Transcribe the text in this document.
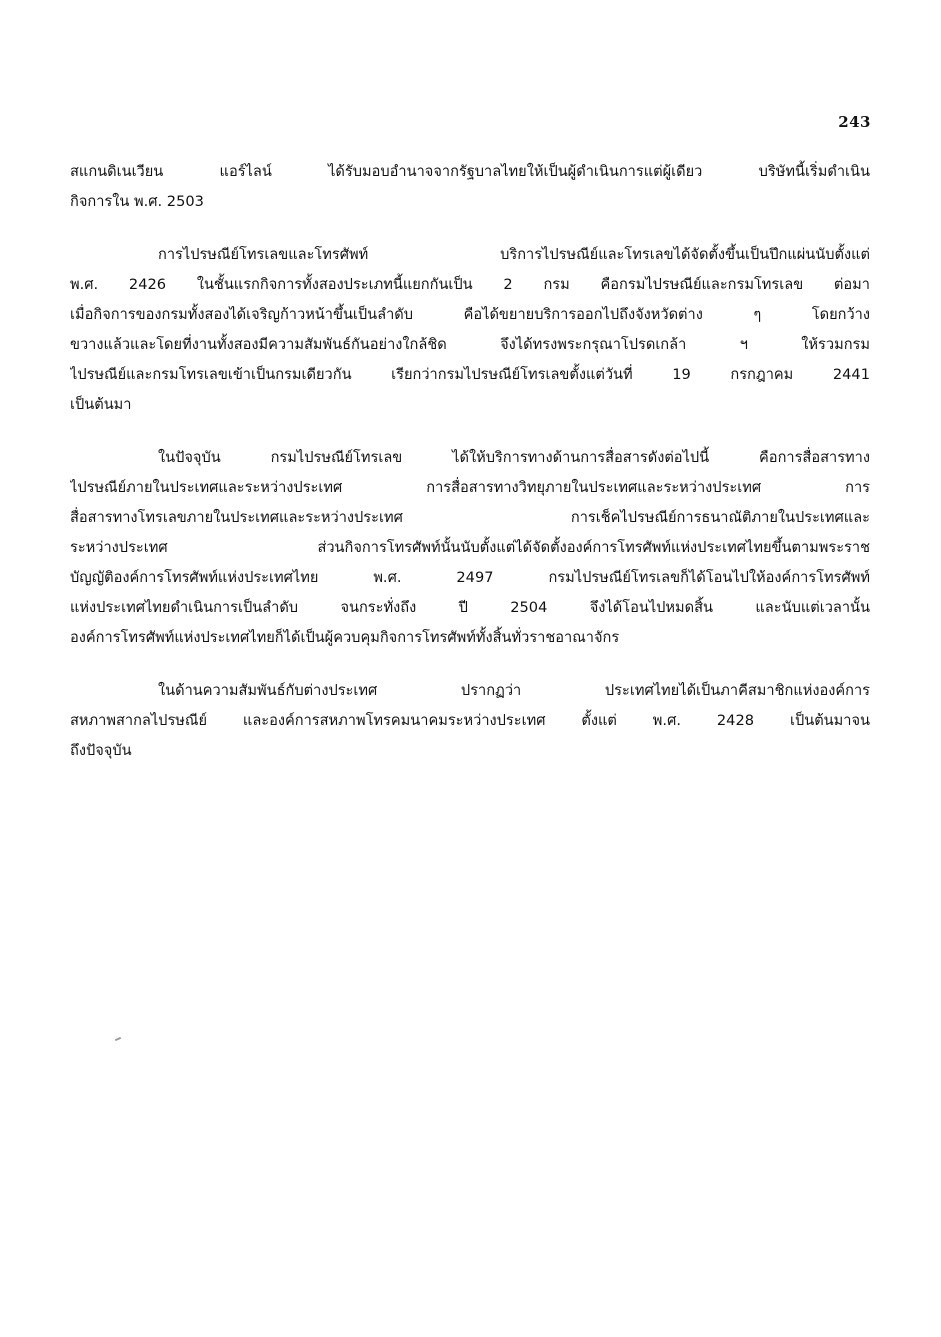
243
สแกนดิเนเวียน แอร์ไลน์ ได้รับมอบอำนาจจากรัฐบาลไทยให้เป็นผู้ดำเนินการแต่ผู้เดียว บริษัทนี้เริ่มดำเนิน
กิจการใน พ.ศ. 2503
การไปรษณีย์โทรเลขและโทรศัพท์ บริการไปรษณีย์และโทรเลขได้จัดตั้งขึ้นเป็นปึกแผ่นนับตั้งแต่
พ.ศ. 2426 ในชั้นแรกกิจการทั้งสองประเภทนี้แยกกันเป็น 2 กรม คือกรมไปรษณีย์และกรมโทรเลข ต่อมา
เมื่อกิจการของกรมทั้งสองได้เจริญก้าวหน้าขึ้นเป็นลำดับ คือได้ขยายบริการออกไปถึงจังหวัดต่าง ๆ โดยกว้าง
ขวางแล้วและโดยที่งานทั้งสองมีความสัมพันธ์กันอย่างใกล้ชิด จึงได้ทรงพระกรุณาโปรดเกล้า ฯ ให้รวมกรม
ไปรษณีย์และกรมโทรเลขเข้าเป็นกรมเดียวกัน เรียกว่ากรมไปรษณีย์โทรเลขตั้งแต่วันที่ 19 กรกฎาคม 2441
เป็นต้นมา
ในปัจจุบัน กรมไปรษณีย์โทรเลข ได้ให้บริการทางด้านการสื่อสารดังต่อไปนี้ คือการสื่อสารทาง
ไปรษณีย์ภายในประเทศและระหว่างประเทศ การสื่อสารทางวิทยุภายในประเทศและระหว่างประเทศ การ
สื่อสารทางโทรเลขภายในประเทศและระหว่างประเทศ การเช็คไปรษณีย์การธนาณัติภายในประเทศและ
ระหว่างประเทศ ส่วนกิจการโทรศัพท์นั้นนับตั้งแต่ได้จัดตั้งองค์การโทรศัพท์แห่งประเทศไทยขึ้นตามพระราช
บัญญัติองค์การโทรศัพท์แห่งประเทศไทย พ.ศ. 2497 กรมไปรษณีย์โทรเลขก็ได้โอนไปให้องค์การโทรศัพท์
แห่งประเทศไทยดำเนินการเป็นลำดับ จนกระทั่งถึง ปี 2504 จึงได้โอนไปหมดสิ้น และนับแต่เวลานั้น
องค์การโทรศัพท์แห่งประเทศไทยก็ได้เป็นผู้ควบคุมกิจการโทรศัพท์ทั้งสิ้นทั่วราชอาณาจักร
ในด้านความสัมพันธ์กับต่างประเทศ ปรากฏว่า ประเทศไทยได้เป็นภาคีสมาชิกแห่งองค์การ
สหภาพสากลไปรษณีย์ และองค์การสหภาพโทรคมนาคมระหว่างประเทศ ตั้งแต่ พ.ศ. 2428 เป็นต้นมาจน
ถึงปัจจุบัน
